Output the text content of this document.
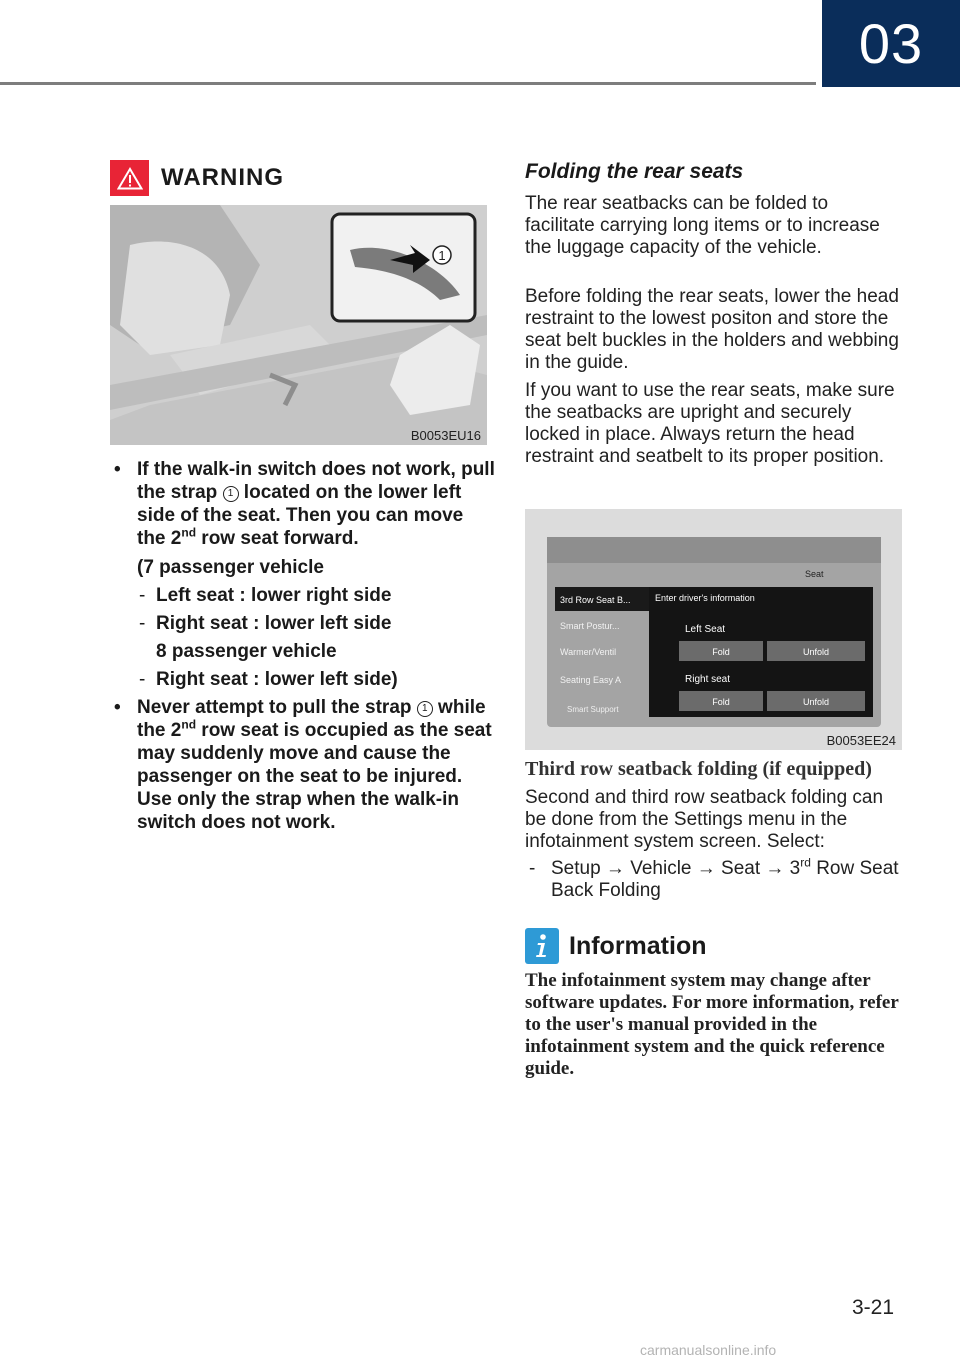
03
WARNING
1
B0053EU16
• If the walk-in switch does not work, pull the strap 1 located on the lower left side of the seat. Then you can move the 2nd row seat forward.
(7 passenger vehicle
- Left seat : lower right side
- Right seat : lower left side
8 passenger vehicle
- Right seat : lower left side)
• Never attempt to pull the strap 1 while the 2nd row seat is occupied as the seat may suddenly move and cause the passenger on the seat to be injured. Use only the strap when the walk-in switch does not work.
Folding the rear seats

The rear seatbacks can be folded to facilitate carrying long items or to increase the luggage capacity of the vehicle.

Before folding the rear seats, lower the head restraint to the lowest positon and store the seat belt buckles in the holders and webbing in the guide.

If you want to use the rear seats, make sure the seatbacks are upright and securely locked in place. Always return the head restraint and seatbelt to its proper position.

Seat
3rd Row Seat B...
Smart Postur...
Warmer/Ventil
Seating Easy A
Smart Support
Enter driver's information
Left Seat
Fold	Unfold
Right seat
Fold	Unfold
B0053EE24
Third row seatback folding (if equipped)

Second and third row seatback folding can be done from the Settings menu in the infotainment system screen. Select:

- Setup → Vehicle → Seat → 3rd Row Seat Back Folding
Information

The infotainment system may change after software updates. For more information, refer to the user's manual provided in the infotainment system and the quick reference guide.

3-21
carmanualsonline.info
